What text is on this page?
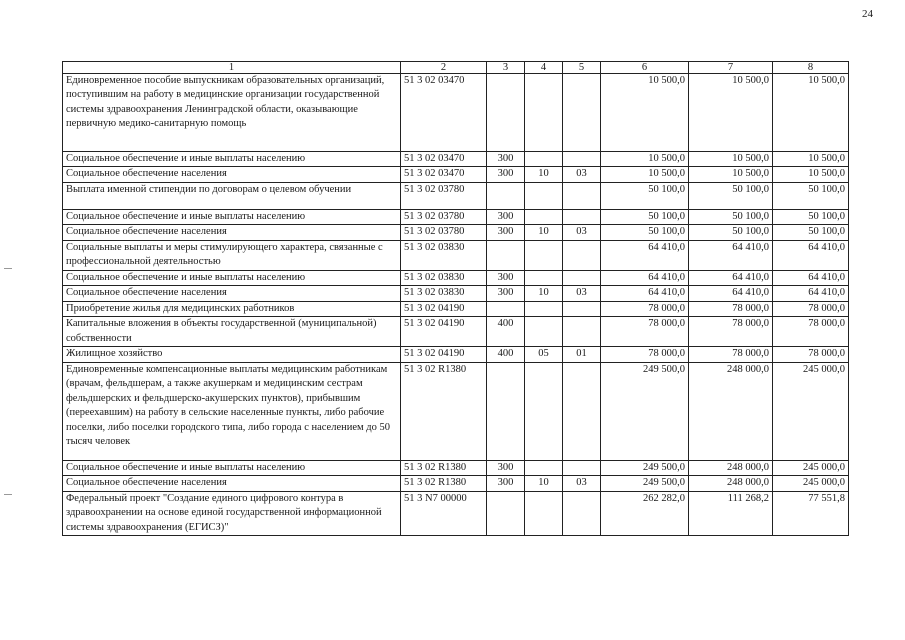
24
1	2	3	4	5	6	7	8
Единовременное пособие выпускникам образовательных организаций, поступившим на работу в медицинские организации государственной системы здравоохранения Ленинградской области, оказывающие первичную медико-санитарную помощь	51 3 02 03470				10 500,0	10 500,0	10 500,0
Социальное обеспечение и иные выплаты населению	51 3 02 03470	300			10 500,0	10 500,0	10 500,0
Социальное обеспечение населения	51 3 02 03470	300	10	03	10 500,0	10 500,0	10 500,0
Выплата именной стипендии по договорам о целевом обучении	51 3 02 03780				50 100,0	50 100,0	50 100,0
Социальное обеспечение и иные выплаты населению	51 3 02 03780	300			50 100,0	50 100,0	50 100,0
Социальное обеспечение населения	51 3 02 03780	300	10	03	50 100,0	50 100,0	50 100,0
Социальные выплаты и меры стимулирующего характера, связанные с профессиональной деятельностью	51 3 02 03830				64 410,0	64 410,0	64 410,0
Социальное обеспечение и иные выплаты населению	51 3 02 03830	300			64 410,0	64 410,0	64 410,0
Социальное обеспечение населения	51 3 02 03830	300	10	03	64 410,0	64 410,0	64 410,0
Приобретение жилья для медицинских работников	51 3 02 04190				78 000,0	78 000,0	78 000,0
Капитальные вложения в объекты государственной (муниципальной) собственности	51 3 02 04190	400			78 000,0	78 000,0	78 000,0
Жилищное хозяйство	51 3 02 04190	400	05	01	78 000,0	78 000,0	78 000,0
Единовременные компенсационные выплаты медицинским работникам (врачам, фельдшерам, а также акушеркам и медицинским сестрам фельдшерских и фельдшерско-акушерских пунктов), прибывшим (переехавшим) на работу в сельские населенные пункты, либо рабочие поселки, либо поселки городского типа, либо города с населением до 50 тысяч человек	51 3 02 R1380				249 500,0	248 000,0	245 000,0
Социальное обеспечение и иные выплаты населению	51 3 02 R1380	300			249 500,0	248 000,0	245 000,0
Социальное обеспечение населения	51 3 02 R1380	300	10	03	249 500,0	248 000,0	245 000,0
Федеральный проект "Создание единого цифрового контура в здравоохранении на основе единой государственной информационной системы здравоохранения (ЕГИСЗ)"	51 3 N7 00000				262 282,0	111 268,2	77 551,8
